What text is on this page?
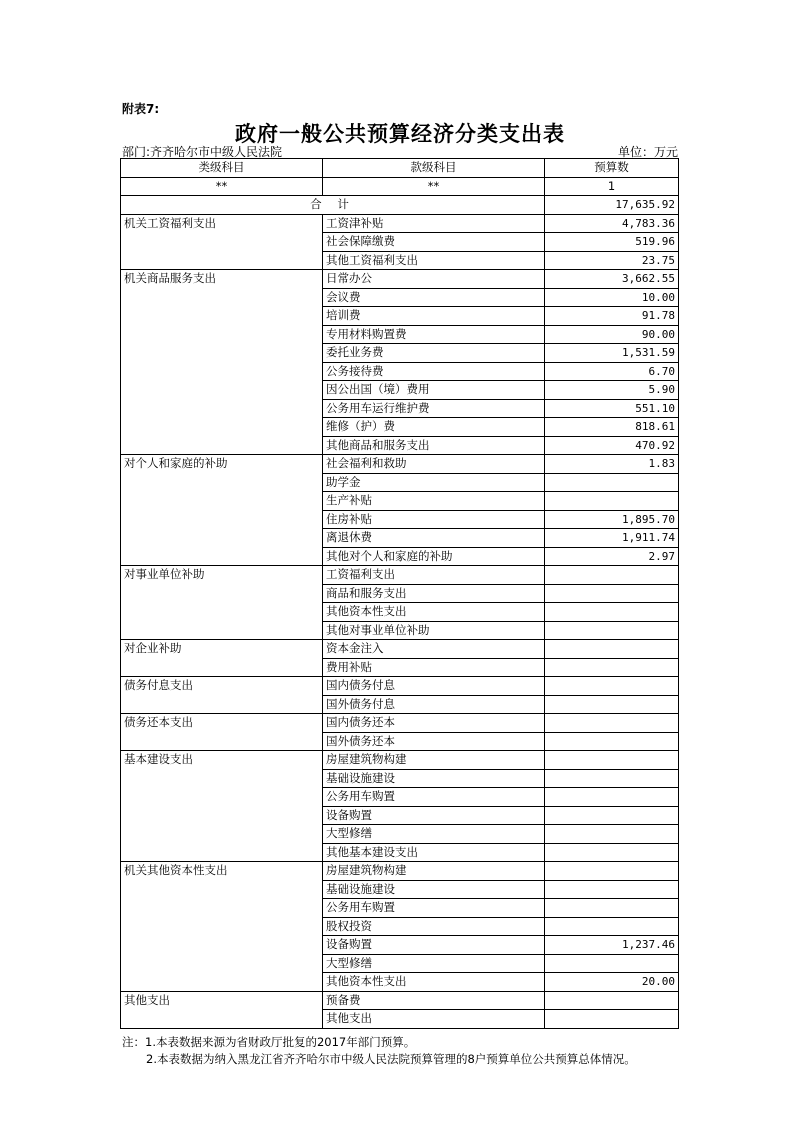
附表7:
政府一般公共预算经济分类支出表
部门:齐齐哈尔市中级人民法院	单位：万元
类级科目	款级科目	预算数
**	**	1
合 计		17,635.92
机关工资福利支出	工资津补贴	4,783.36
	社会保障缴费	519.96
	其他工资福利支出	23.75
机关商品服务支出	日常办公	3,662.55
	会议费	10.00
	培训费	91.78
	专用材料购置费	90.00
	委托业务费	1,531.59
	公务接待费	6.70
	因公出国（境）费用	5.90
	公务用车运行维护费	551.10
	维修（护）费	818.61
	其他商品和服务支出	470.92
对个人和家庭的补助	社会福利和救助	1.83
	助学金	
	生产补贴	
	住房补贴	1,895.70
	离退休费	1,911.74
	其他对个人和家庭的补助	2.97
对事业单位补助	工资福利支出	
	商品和服务支出	
	其他资本性支出	
	其他对事业单位补助	
对企业补助	资本金注入	
	费用补贴	
债务付息支出	国内债务付息	
	国外债务付息	
债务还本支出	国内债务还本	
	国外债务还本	
基本建设支出	房屋建筑物构建	
	基础设施建设	
	公务用车购置	
	设备购置	
	大型修缮	
	其他基本建设支出	
机关其他资本性支出	房屋建筑物构建	
	基础设施建设	
	公务用车购置	
	股权投资	
	设备购置	1,237.46
	大型修缮	
	其他资本性支出	20.00
其他支出	预备费	
	其他支出	
注：1.本表数据来源为省财政厅批复的2017年部门预算。
2.本表数据为纳入黑龙江省齐齐哈尔市中级人民法院预算管理的8户预算单位公共预算总体情况。
